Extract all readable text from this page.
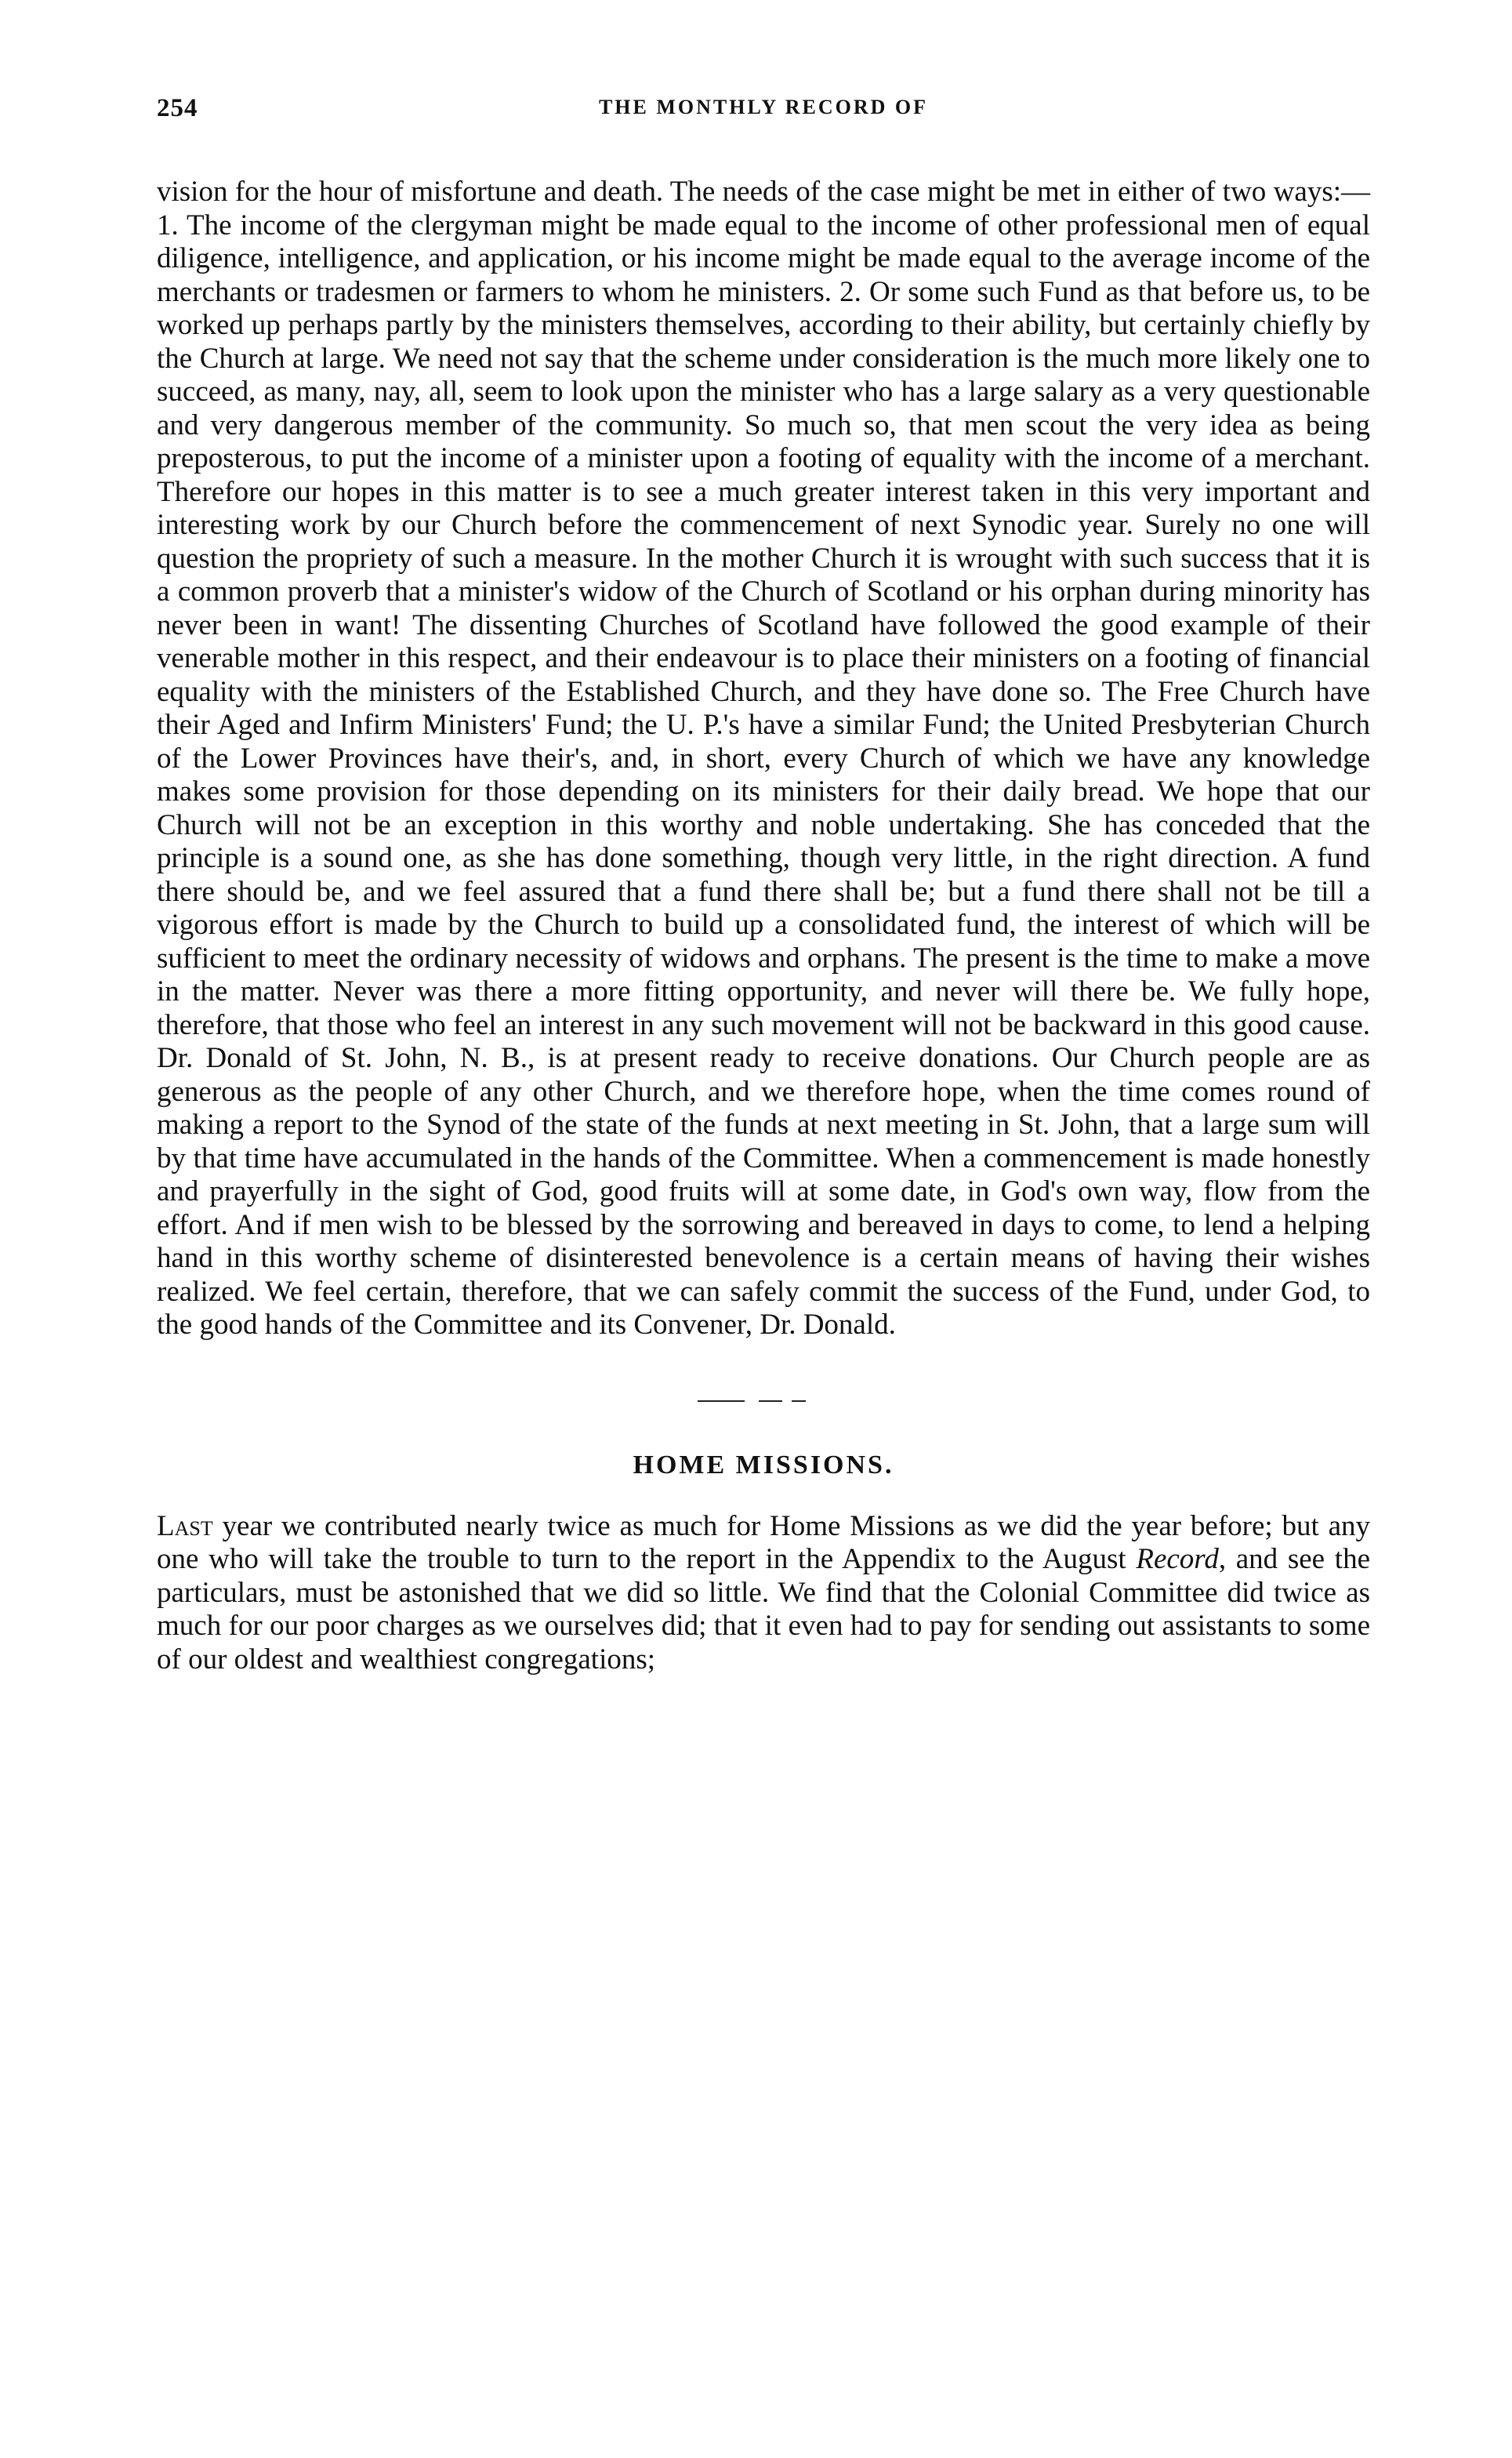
254	THE MONTHLY RECORD OF

vision for the hour of misfortune and death. The needs of the case might be met in either of two ways:—1. The income of the clergyman might be made equal to the income of other professional men of equal diligence, intelligence, and application, or his income might be made equal to the average income of the merchants or tradesmen or farmers to whom he ministers. 2. Or some such Fund as that before us, to be worked up perhaps partly by the ministers themselves, according to their ability, but certainly chiefly by the Church at large. We need not say that the scheme under consideration is the much more likely one to succeed, as many, nay, all, seem to look upon the minister who has a large salary as a very questionable and very dangerous member of the community. So much so, that men scout the very idea as being preposterous, to put the income of a minister upon a footing of equality with the income of a merchant. Therefore our hopes in this matter is to see a much greater interest taken in this very important and interesting work by our Church before the commencement of next Synodic year. Surely no one will question the propriety of such a measure. In the mother Church it is wrought with such success that it is a common proverb that a minister's widow of the Church of Scotland or his orphan during minority has never been in want! The dissenting Churches of Scotland have followed the good example of their venerable mother in this respect, and their endeavour is to place their ministers on a footing of financial equality with the ministers of the Established Church, and they have done so. The Free Church have their Aged and Infirm Ministers' Fund; the U. P.'s have a similar Fund; the United Presbyterian Church of the Lower Provinces have their's, and, in short, every Church of which we have any knowledge makes some provision for those depending on its ministers for their daily bread. We hope that our Church will not be an exception in this worthy and noble undertaking. She has conceded that the principle is a sound one, as she has done something, though very little, in the right direction. A fund there should be, and we feel assured that a fund there shall be; but a fund there shall not be till a vigorous effort is made by the Church to build up a consolidated fund, the interest of which will be sufficient to meet the ordinary necessity of widows and orphans. The present is the time to make a move in the matter. Never was there a more fitting opportunity, and never will there be. We fully hope, therefore, that those who feel an interest in any such movement will not be backward in this good cause. Dr. Donald of St. John, N. B., is at present ready to receive donations. Our Church people are as generous as the people of any other Church, and we therefore hope, when the time comes round of making a report to the Synod of the state of the funds at next meeting in St. John, that a large sum will by that time have accumulated in the hands of the Committee. When a commencement is made honestly and prayerfully in the sight of God, good fruits will at some date, in God's own way, flow from the effort. And if men wish to be blessed by the sorrowing and bereaved in days to come, to lend a helping hand in this worthy scheme of disinterested benevolence is a certain means of having their wishes realized. We feel certain, therefore, that we can safely commit the success of the Fund, under God, to the good hands of the Committee and its Convener, Dr. Donald.

HOME MISSIONS.

Last year we contributed nearly twice as much for Home Missions as we did the year before; but any one who will take the trouble to turn to the report in the Appendix to the August Record, and see the particulars, must be astonished that we did so little. We find that the Colonial Committee did twice as much for our poor charges as we ourselves did; that it even had to pay for sending out assistants to some of our oldest and wealthiest congregations;
